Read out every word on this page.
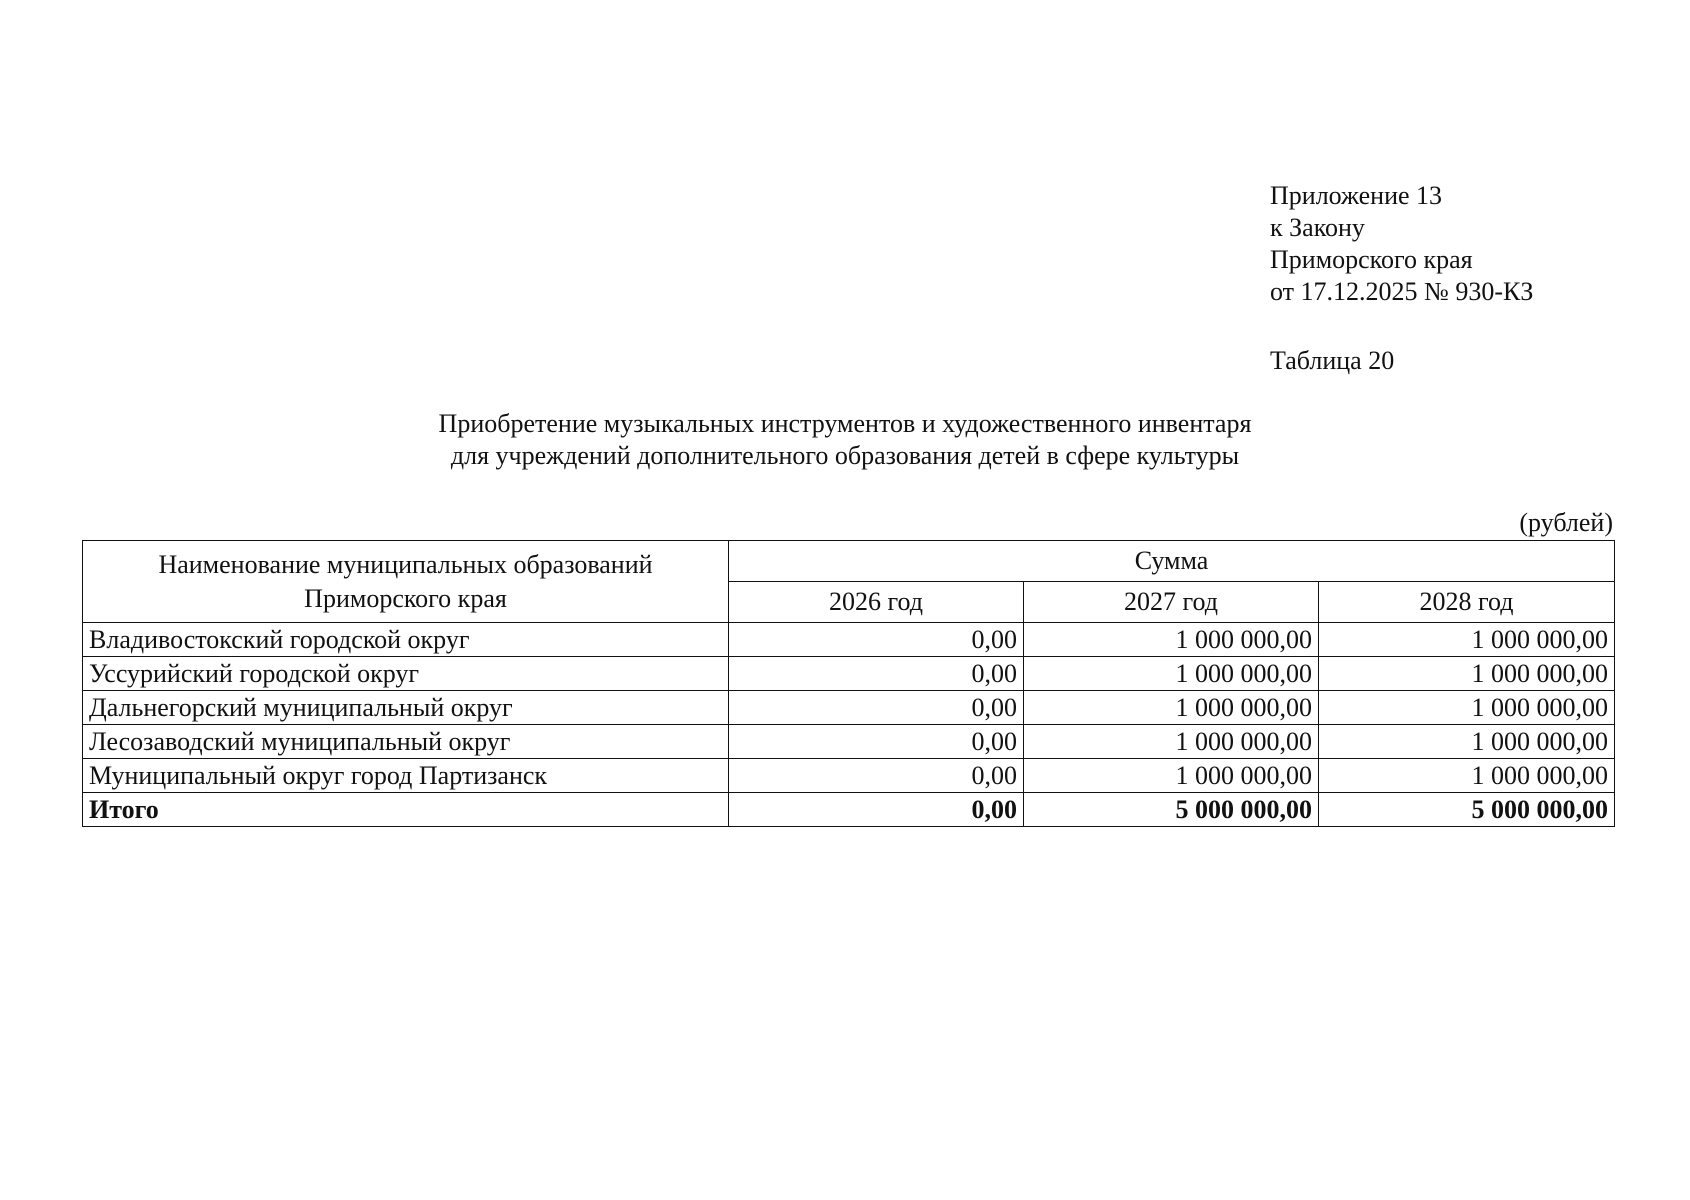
Приложение 13
к Закону
Приморского края
от 17.12.2025 № 930-КЗ
Таблица 20
Приобретение музыкальных инструментов и художественного инвентаря
для учреждений дополнительного образования детей в сфере культуры
(рублей)
Наименование муниципальных образований Приморского края	Сумма		
	2026 год	2027 год	2028 год
Владивостокский городской округ	0,00	1 000 000,00	1 000 000,00
Уссурийский городской округ	0,00	1 000 000,00	1 000 000,00
Дальнегорский муниципальный округ	0,00	1 000 000,00	1 000 000,00
Лесозаводский муниципальный округ	0,00	1 000 000,00	1 000 000,00
Муниципальный округ город Партизанск	0,00	1 000 000,00	1 000 000,00
Итого	0,00	5 000 000,00	5 000 000,00
